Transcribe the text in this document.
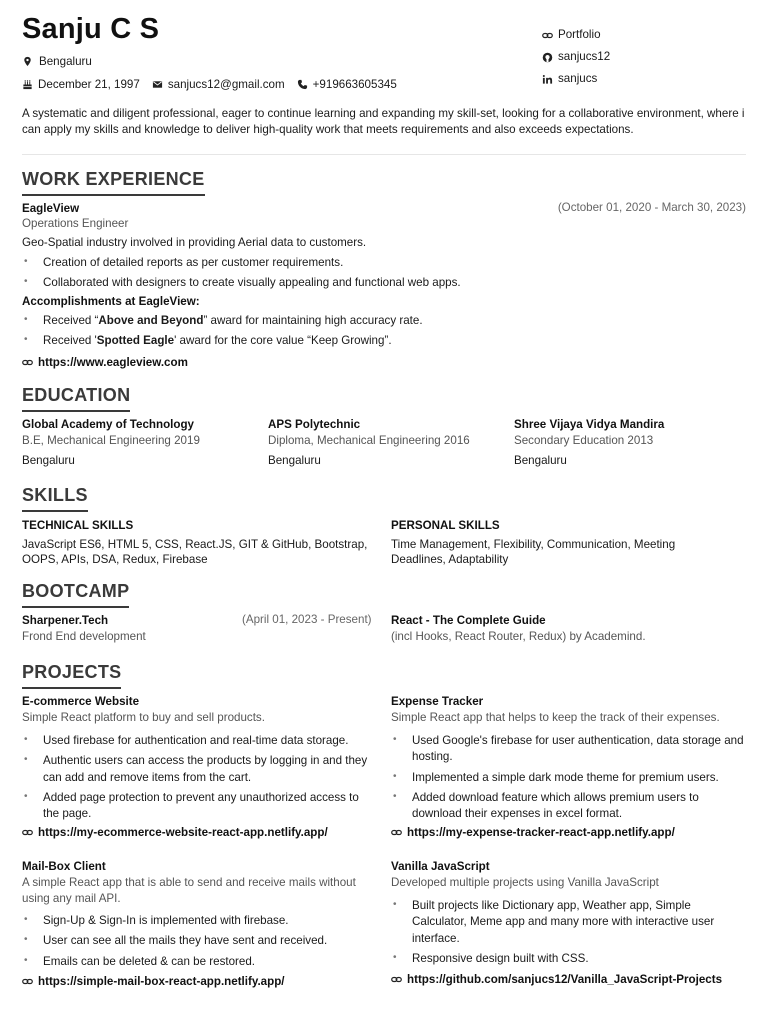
Sanju C S
Bengaluru
December 21, 1997 sanjucs12@gmail.com +919663605345
Portfolio
sanjucs12
sanjucs
A systematic and diligent professional, eager to continue learning and expanding my skill-set, looking for a collaborative environment, where i can apply my skills and knowledge to deliver high-quality work that meets requirements and also exceeds expectations.
WORK EXPERIENCE
EagleView	(October 01, 2020 - March 30, 2023)
Operations Engineer
Geo-Spatial industry involved in providing Aerial data to customers.
• Creation of detailed reports as per customer requirements.
• Collaborated with designers to create visually appealing and functional web apps.
Accomplishments at EagleView:
• Received “Above and Beyond” award for maintaining high accuracy rate.
• Received 'Spotted Eagle' award for the core value “Keep Growing”.
https://www.eagleview.com
EDUCATION
Global Academy of Technology
B.E, Mechanical Engineering 2019
Bengaluru
APS Polytechnic
Diploma, Mechanical Engineering 2016
Bengaluru
Shree Vijaya Vidya Mandira
Secondary Education 2013
Bengaluru
SKILLS
TECHNICAL SKILLS
JavaScript ES6, HTML 5, CSS, React.JS, GIT & GitHub, Bootstrap, OOPS, APIs, DSA, Redux, Firebase
PERSONAL SKILLS
Time Management, Flexibility, Communication, Meeting Deadlines, Adaptability
BOOTCAMP
Sharpener.Tech	(April 01, 2023 - Present)
Frond End development
React - The Complete Guide
(incl Hooks, React Router, Redux) by Academind.
PROJECTS
E-commerce Website
Simple React platform to buy and sell products.
• Used firebase for authentication and real-time data storage.
• Authentic users can access the products by logging in and they can add and remove items from the cart.
• Added page protection to prevent any unauthorized access to the page.
https://my-ecommerce-website-react-app.netlify.app/
Expense Tracker
Simple React app that helps to keep the track of their expenses.
• Used Google's firebase for user authentication, data storage and hosting.
• Implemented a simple dark mode theme for premium users.
• Added download feature which allows premium users to download their expenses in excel format.
https://my-expense-tracker-react-app.netlify.app/
Mail-Box Client
A simple React app that is able to send and receive mails without using any mail API.
• Sign-Up & Sign-In is implemented with firebase.
• User can see all the mails they have sent and received.
• Emails can be deleted & can be restored.
https://simple-mail-box-react-app.netlify.app/
Vanilla JavaScript
Developed multiple projects using Vanilla JavaScript
• Built projects like Dictionary app, Weather app, Simple Calculator, Meme app and many more with interactive user interface.
• Responsive design built with CSS.
https://github.com/sanjucs12/Vanilla_JavaScript-Projects
